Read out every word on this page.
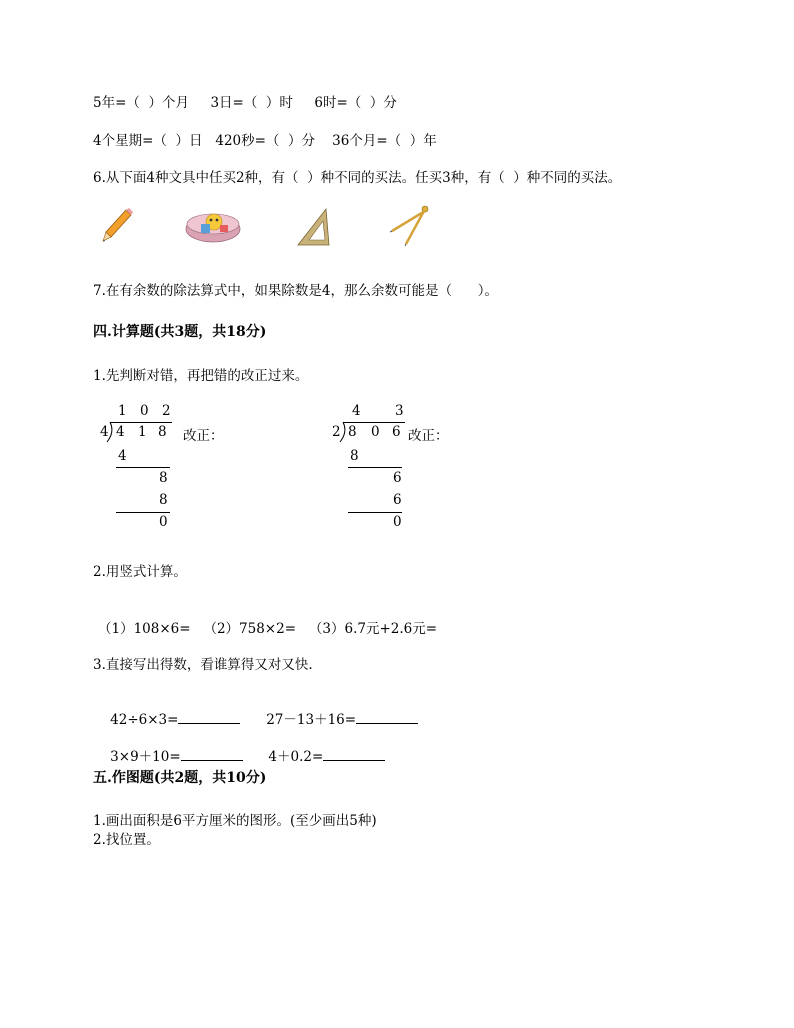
5年=（  ）个月     3日=（  ）时     6时=（  ）分
4个星期=（  ）日   420秒=（  ）分    36个月=（  ）年
6.从下面4种文具中任买2种，有（  ）种不同的买法。任买3种，有（  ）种不同的买法。
7.在有余数的除法算式中，如果除数是4，那么余数可能是（      ）。
四.计算题(共3题，共18分)
1.先判断对错，再把错的改正过来。
1 0 2
4 4 1 8 改正：
4
8
8
0
4	3
2 8 0 6 改正：
8
6
6
0
2.用竖式计算。
（1）108×6=   （2）758×2=   （3）6.7元+2.6元=
3.直接写出得数，看谁算得又对又快.

42÷6×3=	27－13＋16=

3×9＋10=	4＋0.2=

五.作图题(共2题，共10分)
1.画出面积是6平方厘米的图形。(至少画出5种)
2.找位置。
